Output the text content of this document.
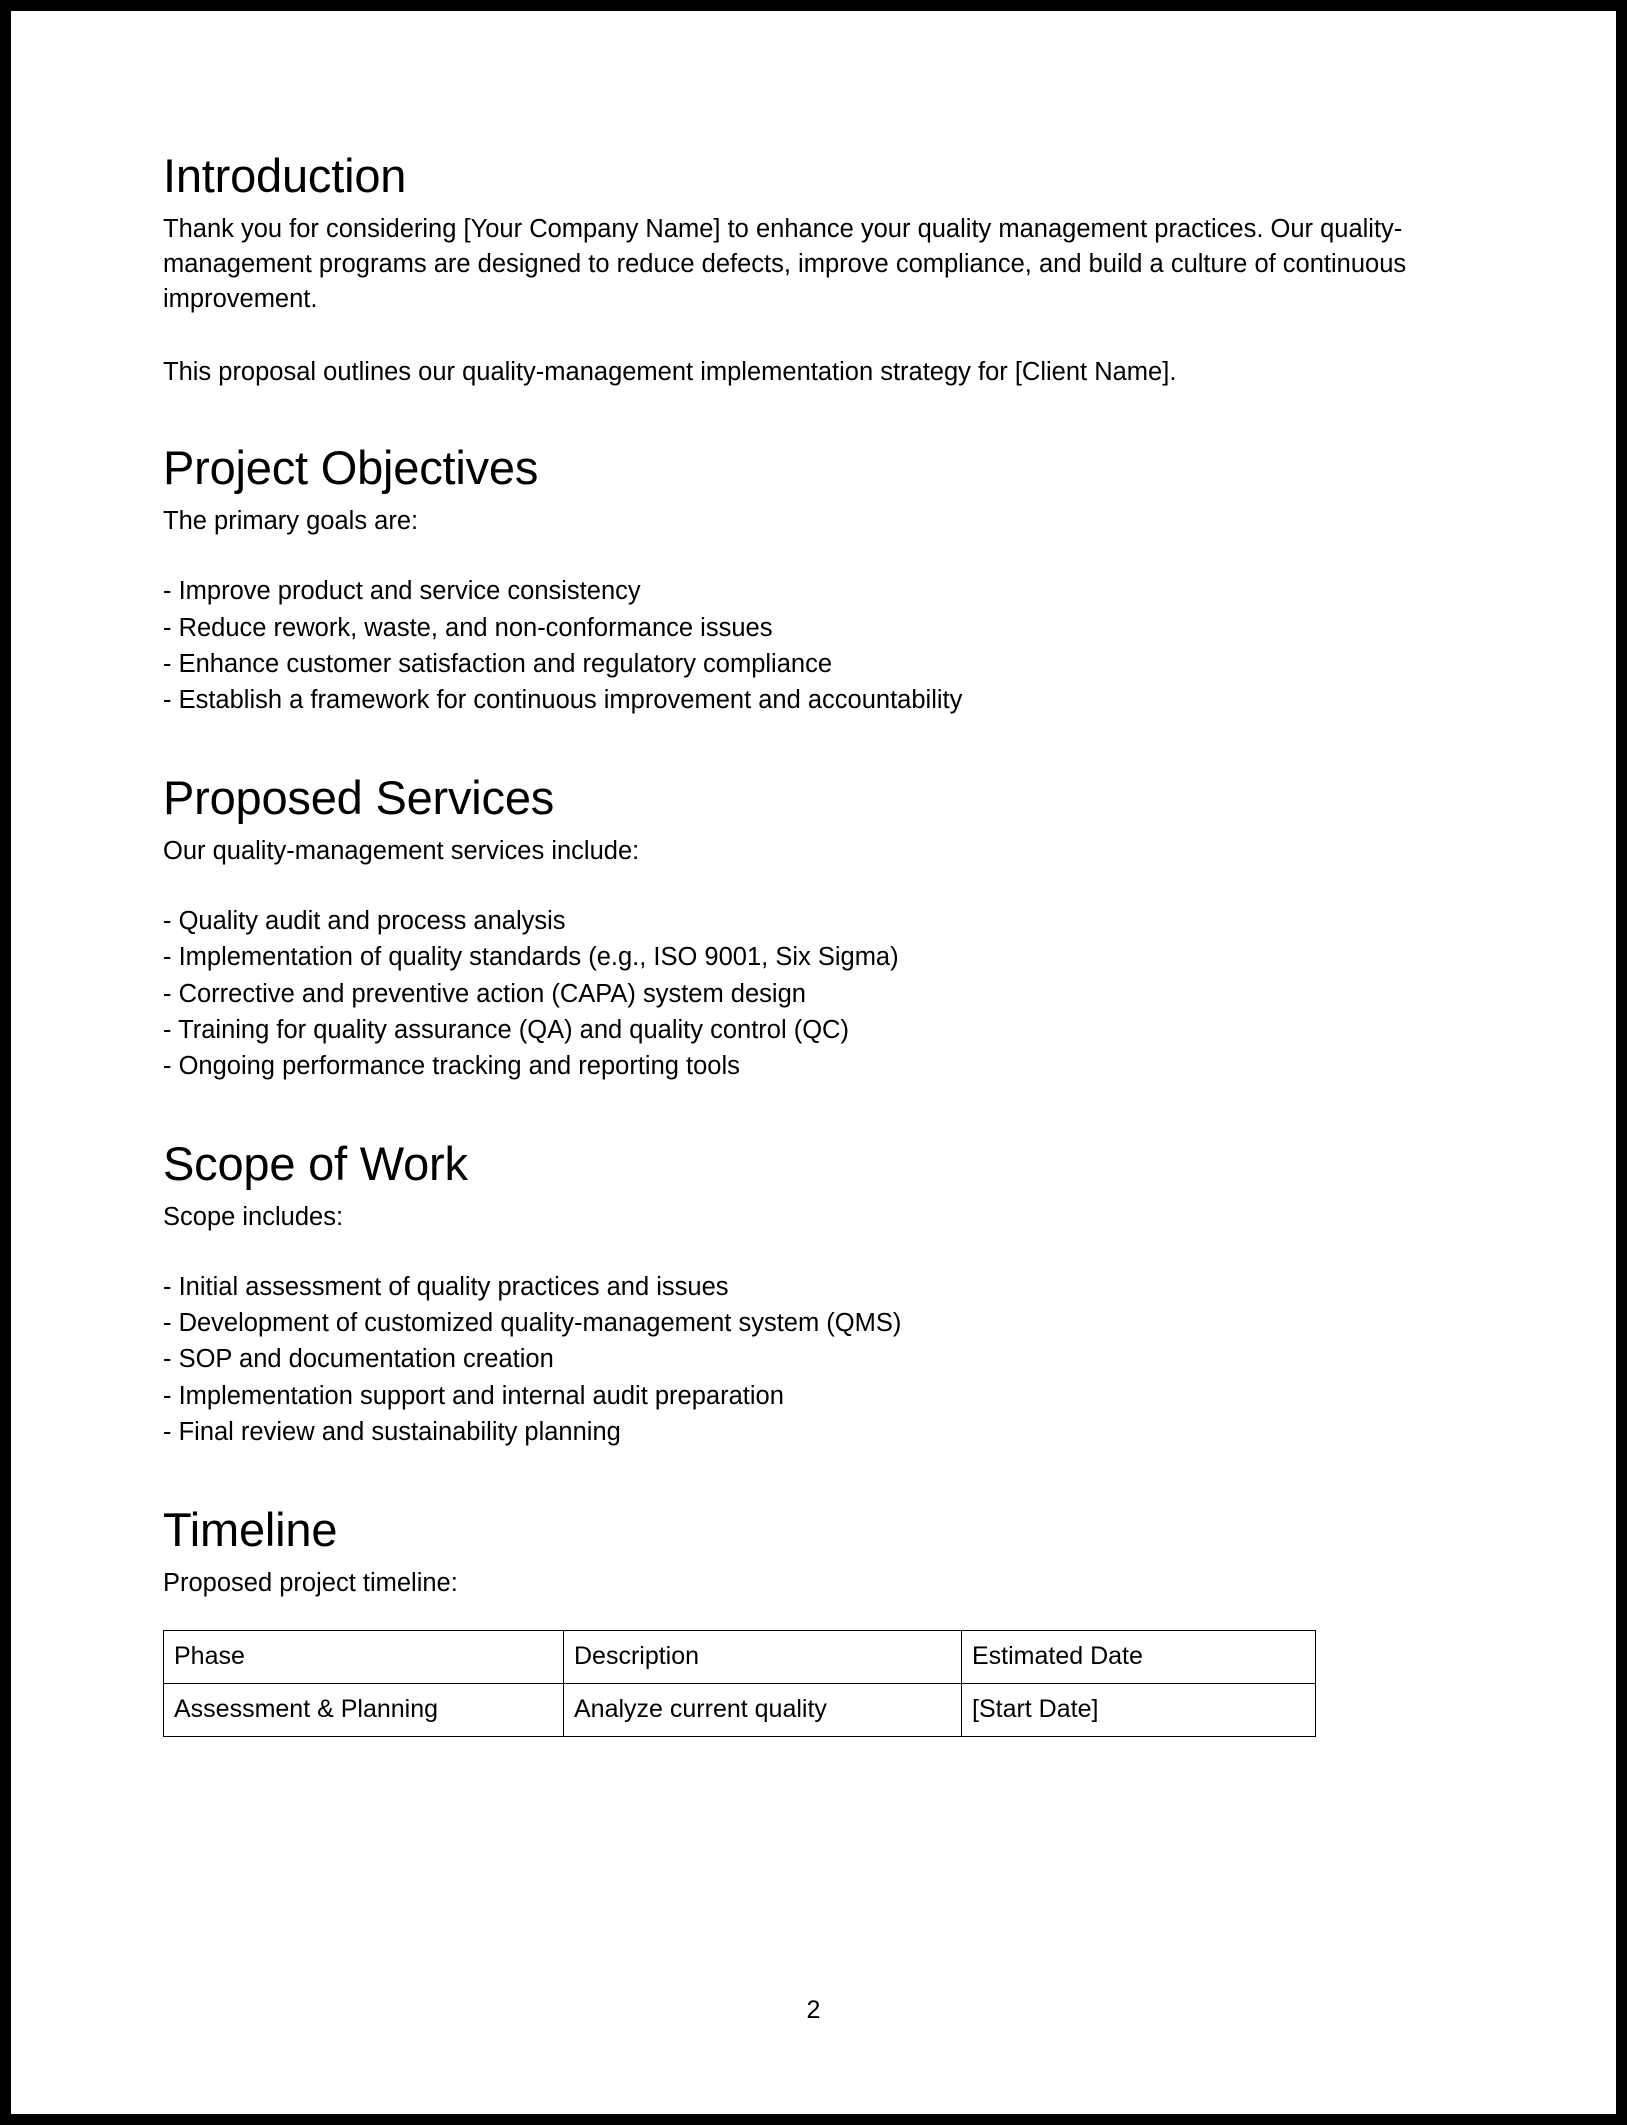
Introduction

Thank you for considering [Your Company Name] to enhance your quality management practices. Our quality-management programs are designed to reduce defects, improve compliance, and build a culture of continuous improvement.

This proposal outlines our quality-management implementation strategy for [Client Name].

Project Objectives

The primary goals are:

- Improve product and service consistency
- Reduce rework, waste, and non-conformance issues
- Enhance customer satisfaction and regulatory compliance
- Establish a framework for continuous improvement and accountability
Proposed Services

Our quality-management services include:

- Quality audit and process analysis
- Implementation of quality standards (e.g., ISO 9001, Six Sigma)
- Corrective and preventive action (CAPA) system design
- Training for quality assurance (QA) and quality control (QC)
- Ongoing performance tracking and reporting tools
Scope of Work

Scope includes:

- Initial assessment of quality practices and issues
- Development of customized quality-management system (QMS)
- SOP and documentation creation
- Implementation support and internal audit preparation
- Final review and sustainability planning
Timeline

Proposed project timeline:

Phase	Description	Estimated Date
Assessment & Planning	Analyze current quality	[Start Date]
2
